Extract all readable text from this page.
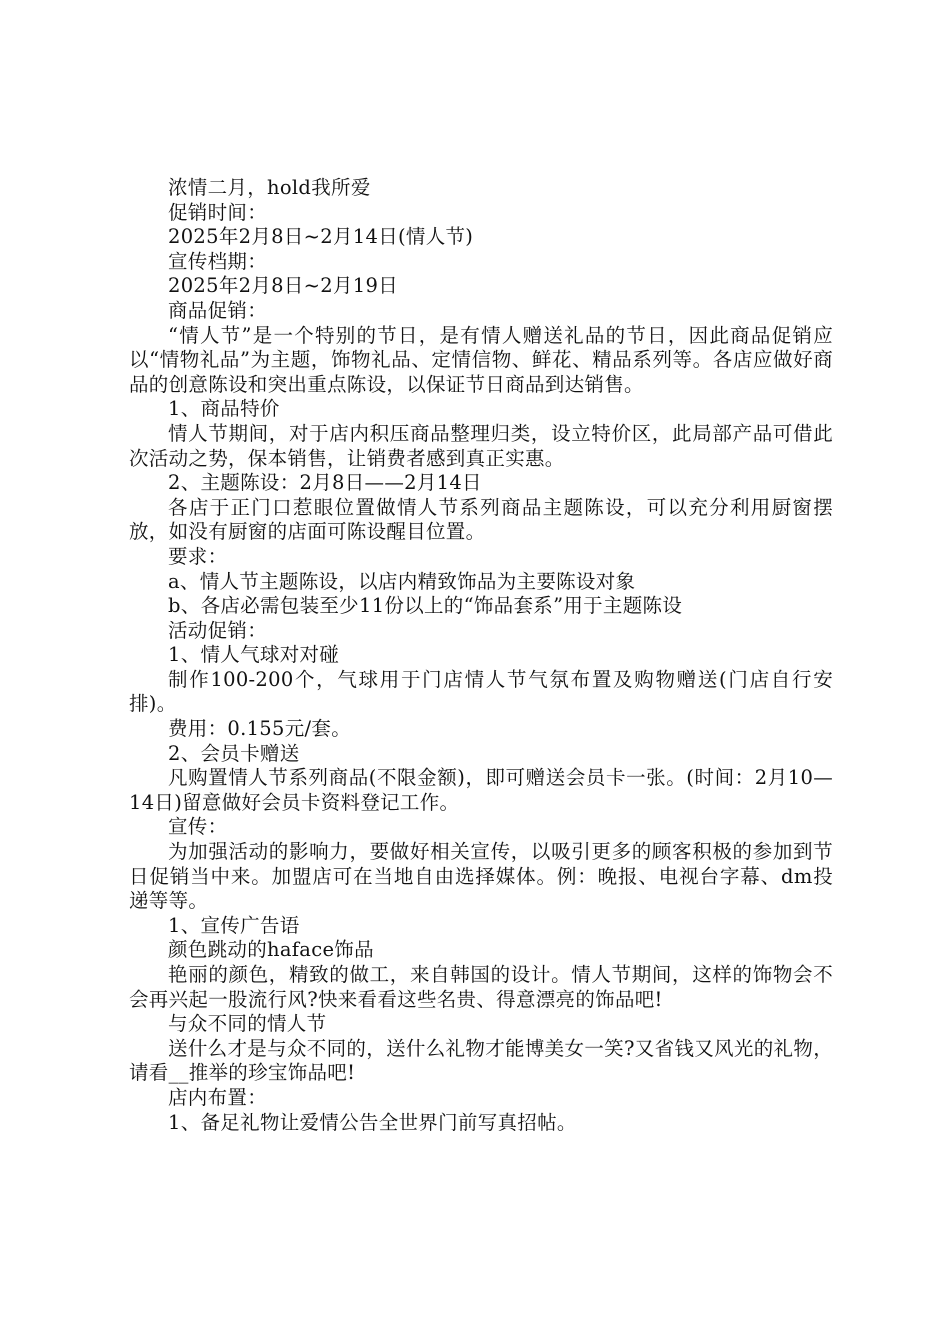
浓情二月，hold我所爱

促销时间：

2025年2月8日~2月14日(情人节)

宣传档期：

2025年2月8日~2月19日

商品促销：

“情人节”是一个特别的节日，是有情人赠送礼品的节日，因此商品促销应以“情物礼品”为主题，饰物礼品、定情信物、鲜花、精品系列等。各店应做好商品的创意陈设和突出重点陈设，以保证节日商品到达销售。

1、商品特价

情人节期间，对于店内积压商品整理归类，设立特价区，此局部产品可借此次活动之势，保本销售，让销费者感到真正实惠。

2、主题陈设：2月8日——2月14日

各店于正门口惹眼位置做情人节系列商品主题陈设，可以充分利用厨窗摆放，如没有厨窗的店面可陈设醒目位置。

要求：

a、情人节主题陈设，以店内精致饰品为主要陈设对象

b、各店必需包装至少11份以上的“饰品套系”用于主题陈设

活动促销：

1、情人气球对对碰

制作100-200个，气球用于门店情人节气氛布置及购物赠送(门店自行安排)。

费用：0.155元/套。

2、会员卡赠送

凡购置情人节系列商品(不限金额)，即可赠送会员卡一张。(时间：2月10—14日)留意做好会员卡资料登记工作。

宣传：

为加强活动的影响力，要做好相关宣传，以吸引更多的顾客积极的参加到节日促销当中来。加盟店可在当地自由选择媒体。例：晚报、电视台字幕、dm投递等等。

1、宣传广告语

颜色跳动的haface饰品

艳丽的颜色，精致的做工，来自韩国的设计。情人节期间，这样的饰物会不会再兴起一股流行风?快来看看这些名贵、得意漂亮的饰品吧!

与众不同的情人节

送什么才是与众不同的，送什么礼物才能博美女一笑?又省钱又风光的礼物，请看__推举的珍宝饰品吧!

店内布置：

1、备足礼物让爱情公告全世界门前写真招帖。
